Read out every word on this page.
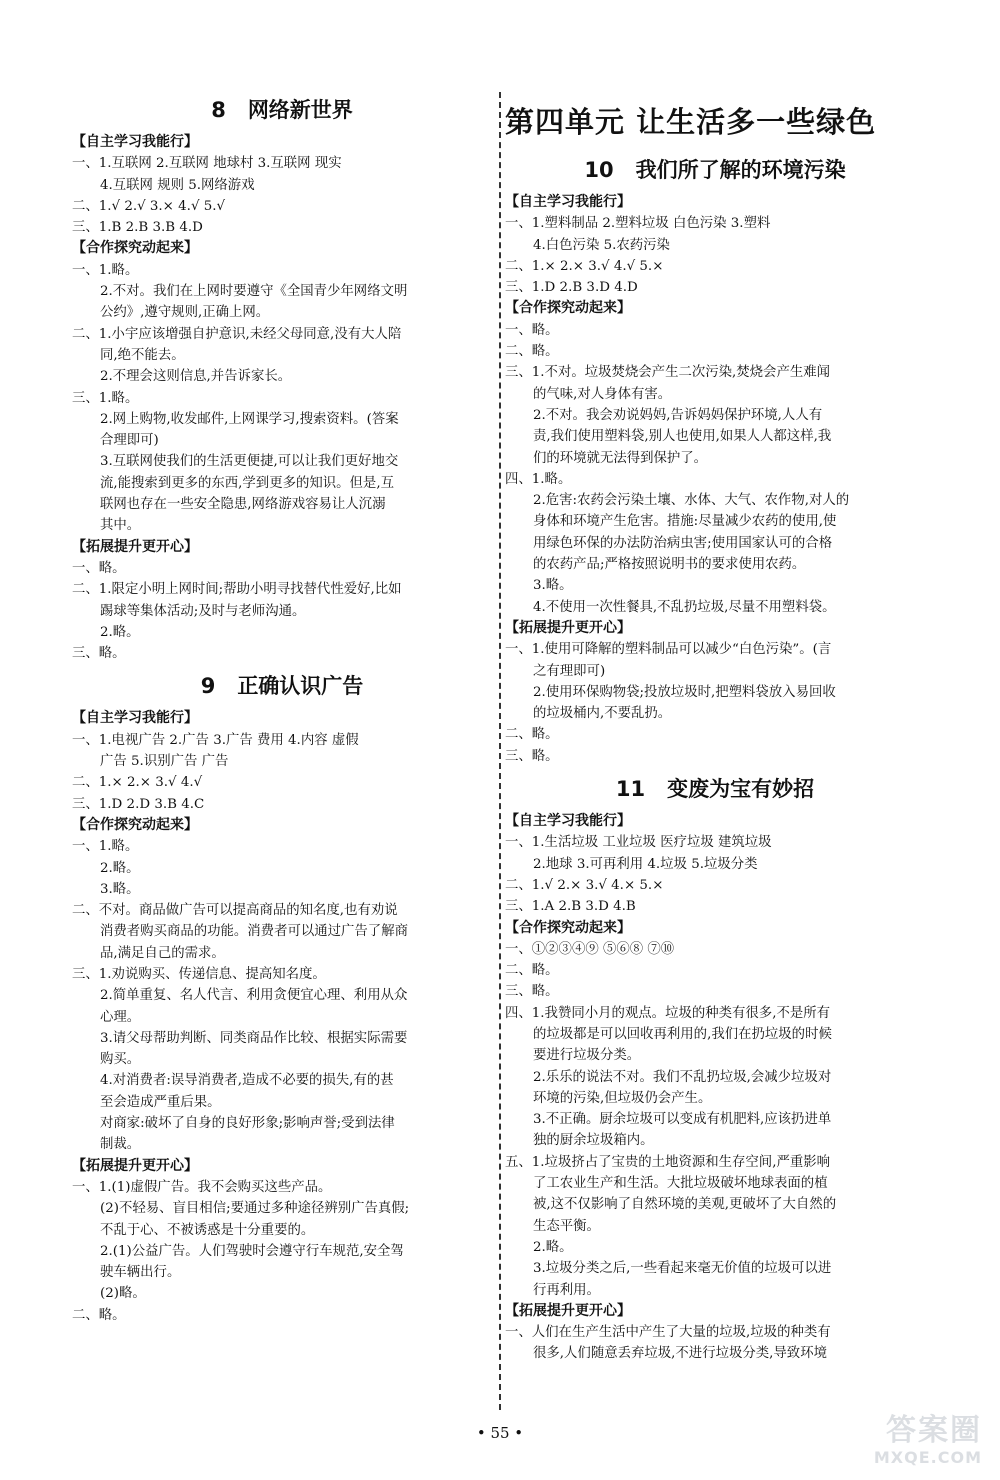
8 网络新世界
【自主学习我能行】
一、1.互联网 2.互联网 地球村 3.互联网 现实
4.互联网 规则 5.网络游戏
二、1.√ 2.√ 3.× 4.√ 5.√
三、1.B 2.B 3.B 4.D
【合作探究动起来】
一、1.略。
2.不对。我们在上网时要遵守《全国青少年网络文明
公约》,遵守规则,正确上网。
二、1.小宇应该增强自护意识,未经父母同意,没有大人陪
同,绝不能去。
2.不理会这则信息,并告诉家长。
三、1.略。
2.网上购物,收发邮件,上网课学习,搜索资料。(答案
合理即可)
3.互联网使我们的生活更便捷,可以让我们更好地交
流,能搜索到更多的东西,学到更多的知识。但是,互
联网也存在一些安全隐患,网络游戏容易让人沉溺
其中。
【拓展提升更开心】
一、略。
二、1.限定小明上网时间;帮助小明寻找替代性爱好,比如
踢球等集体活动;及时与老师沟通。
2.略。
三、略。
9 正确认识广告
【自主学习我能行】
一、1.电视广告 2.广告 3.广告 费用 4.内容 虚假
广告 5.识别广告 广告
二、1.× 2.× 3.√ 4.√
三、1.D 2.D 3.B 4.C
【合作探究动起来】
一、1.略。
2.略。
3.略。
二、不对。商品做广告可以提高商品的知名度,也有劝说
消费者购买商品的功能。消费者可以通过广告了解商
品,满足自己的需求。
三、1.劝说购买、传递信息、提高知名度。
2.简单重复、名人代言、利用贪便宜心理、利用从众
心理。
3.请父母帮助判断、同类商品作比较、根据实际需要
购买。
4.对消费者:误导消费者,造成不必要的损失,有的甚
至会造成严重后果。
对商家:破坏了自身的良好形象;影响声誉;受到法律
制裁。
【拓展提升更开心】
一、1.(1)虚假广告。我不会购买这些产品。
(2)不轻易、盲目相信;要通过多种途径辨别广告真假;
不乱于心、不被诱惑是十分重要的。
2.(1)公益广告。人们驾驶时会遵守行车规范,安全驾
驶车辆出行。
(2)略。
二、略。
第四单元 让生活多一些绿色
10 我们所了解的环境污染
【自主学习我能行】
一、1.塑料制品 2.塑料垃圾 白色污染 3.塑料
4.白色污染 5.农药污染
二、1.× 2.× 3.√ 4.√ 5.×
三、1.D 2.B 3.D 4.D
【合作探究动起来】
一、略。
二、略。
三、1.不对。垃圾焚烧会产生二次污染,焚烧会产生难闻
的气味,对人身体有害。
2.不对。我会劝说妈妈,告诉妈妈保护环境,人人有
责,我们使用塑料袋,别人也使用,如果人人都这样,我
们的环境就无法得到保护了。
四、1.略。
2.危害:农药会污染土壤、水体、大气、农作物,对人的
身体和环境产生危害。措施:尽量减少农药的使用,使
用绿色环保的办法防治病虫害;使用国家认可的合格
的农药产品;严格按照说明书的要求使用农药。
3.略。
4.不使用一次性餐具,不乱扔垃圾,尽量不用塑料袋。
【拓展提升更开心】
一、1.使用可降解的塑料制品可以减少“白色污染”。(言
之有理即可)
2.使用环保购物袋;投放垃圾时,把塑料袋放入易回收
的垃圾桶内,不要乱扔。
二、略。
三、略。
11 变废为宝有妙招
【自主学习我能行】
一、1.生活垃圾 工业垃圾 医疗垃圾 建筑垃圾
2.地球 3.可再利用 4.垃圾 5.垃圾分类
二、1.√ 2.× 3.√ 4.× 5.×
三、1.A 2.B 3.D 4.B
【合作探究动起来】
一、①②③④⑨ ⑤⑥⑧ ⑦⑩
二、略。
三、略。
四、1.我赞同小月的观点。垃圾的种类有很多,不是所有
的垃圾都是可以回收再利用的,我们在扔垃圾的时候
要进行垃圾分类。
2.乐乐的说法不对。我们不乱扔垃圾,会减少垃圾对
环境的污染,但垃圾仍会产生。
3.不正确。厨余垃圾可以变成有机肥料,应该扔进单
独的厨余垃圾箱内。
五、1.垃圾挤占了宝贵的土地资源和生存空间,严重影响
了工农业生产和生活。大批垃圾破坏地球表面的植
被,这不仅影响了自然环境的美观,更破坏了大自然的
生态平衡。
2.略。
3.垃圾分类之后,一些看起来毫无价值的垃圾可以进
行再利用。
【拓展提升更开心】
一、人们在生产生活中产生了大量的垃圾,垃圾的种类有
很多,人们随意丢弃垃圾,不进行垃圾分类,导致环境
• 55 •	答案圈
MXQE.COM
